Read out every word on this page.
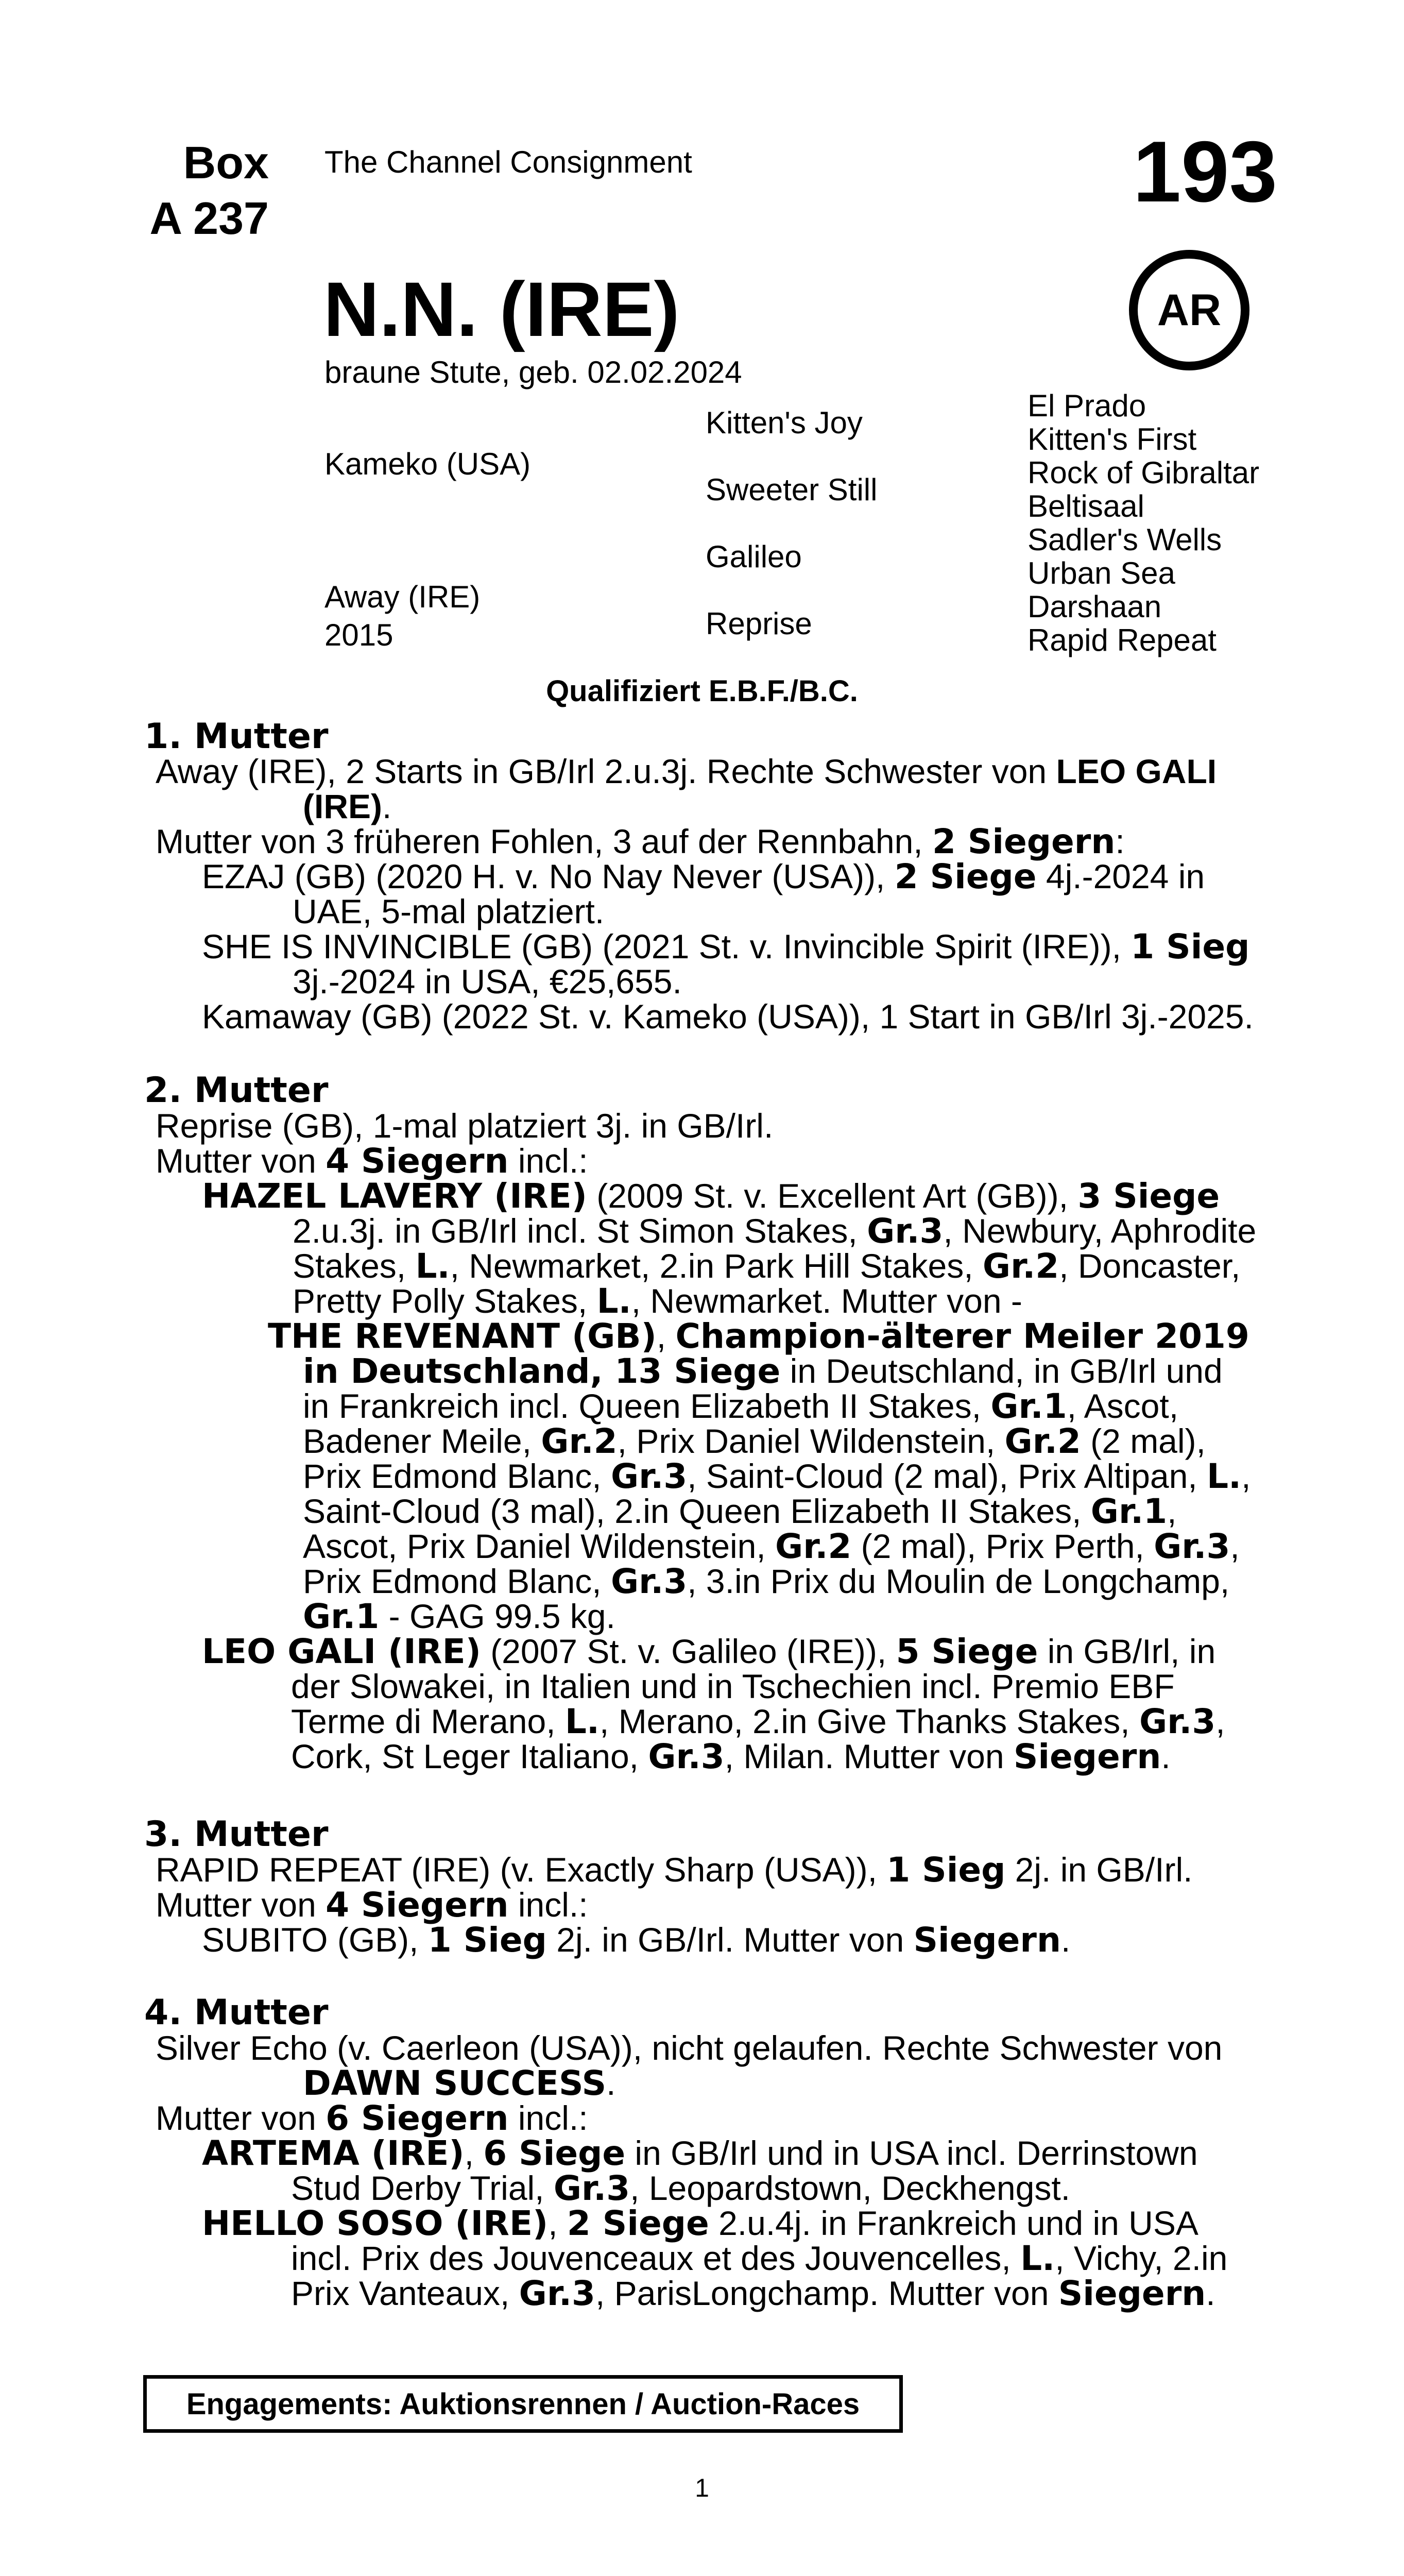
Box
A 237
The Channel Consignment	193
AR
N.N. (IRE)
braune Stute, geb. 02.02.2024
Kameko (USA)
Away (IRE)
2015
Kitten's Joy
Sweeter Still
Galileo
Reprise
El Prado
Kitten's First
Rock of Gibraltar
Beltisaal
Sadler's Wells
Urban Sea
Darshaan
Rapid Repeat
Qualifiziert E.B.F./B.C.
1. Mutter
Away (IRE), 2 Starts in GB/Irl 2.u.3j. Rechte Schwester von LEO GALI
(IRE).
Mutter von 3 früheren Fohlen, 3 auf der Rennbahn, 2 Siegern:
EZAJ (GB) (2020 H. v. No Nay Never (USA)), 2 Siege 4j.-2024 in
UAE, 5-mal platziert.
SHE IS INVINCIBLE (GB) (2021 St. v. Invincible Spirit (IRE)), 1 Sieg
3j.-2024 in USA, €25,655.
Kamaway (GB) (2022 St. v. Kameko (USA)), 1 Start in GB/Irl 3j.-2025.
2. Mutter
Reprise (GB), 1-mal platziert 3j. in GB/Irl.
Mutter von 4 Siegern incl.:
HAZEL LAVERY (IRE) (2009 St. v. Excellent Art (GB)), 3 Siege
2.u.3j. in GB/Irl incl. St Simon Stakes, Gr.3, Newbury, Aphrodite
Stakes, L., Newmarket, 2.in Park Hill Stakes, Gr.2, Doncaster,
Pretty Polly Stakes, L., Newmarket. Mutter von -
THE REVENANT (GB), Champion-älterer Meiler 2019
in Deutschland, 13 Siege in Deutschland, in GB/Irl und
in Frankreich incl. Queen Elizabeth II Stakes, Gr.1, Ascot,
Badener Meile, Gr.2, Prix Daniel Wildenstein, Gr.2 (2 mal),
Prix Edmond Blanc, Gr.3, Saint-Cloud (2 mal), Prix Altipan, L.,
Saint-Cloud (3 mal), 2.in Queen Elizabeth II Stakes, Gr.1,
Ascot, Prix Daniel Wildenstein, Gr.2 (2 mal), Prix Perth, Gr.3,
Prix Edmond Blanc, Gr.3, 3.in Prix du Moulin de Longchamp,
Gr.1 - GAG 99.5 kg.
LEO GALI (IRE) (2007 St. v. Galileo (IRE)), 5 Siege in GB/Irl, in
der Slowakei, in Italien und in Tschechien incl. Premio EBF
Terme di Merano, L., Merano, 2.in Give Thanks Stakes, Gr.3,
Cork, St Leger Italiano, Gr.3, Milan. Mutter von Siegern.
3. Mutter
RAPID REPEAT (IRE) (v. Exactly Sharp (USA)), 1 Sieg 2j. in GB/Irl.
Mutter von 4 Siegern incl.:
SUBITO (GB), 1 Sieg 2j. in GB/Irl. Mutter von Siegern.
4. Mutter
Silver Echo (v. Caerleon (USA)), nicht gelaufen. Rechte Schwester von
DAWN SUCCESS.
Mutter von 6 Siegern incl.:
ARTEMA (IRE), 6 Siege in GB/Irl und in USA incl. Derrinstown
Stud Derby Trial, Gr.3, Leopardstown, Deckhengst.
HELLO SOSO (IRE), 2 Siege 2.u.4j. in Frankreich und in USA
incl. Prix des Jouvenceaux et des Jouvencelles, L., Vichy, 2.in
Prix Vanteaux, Gr.3, ParisLongchamp. Mutter von Siegern.
Engagements: Auktionsrennen / Auction-Races
1
